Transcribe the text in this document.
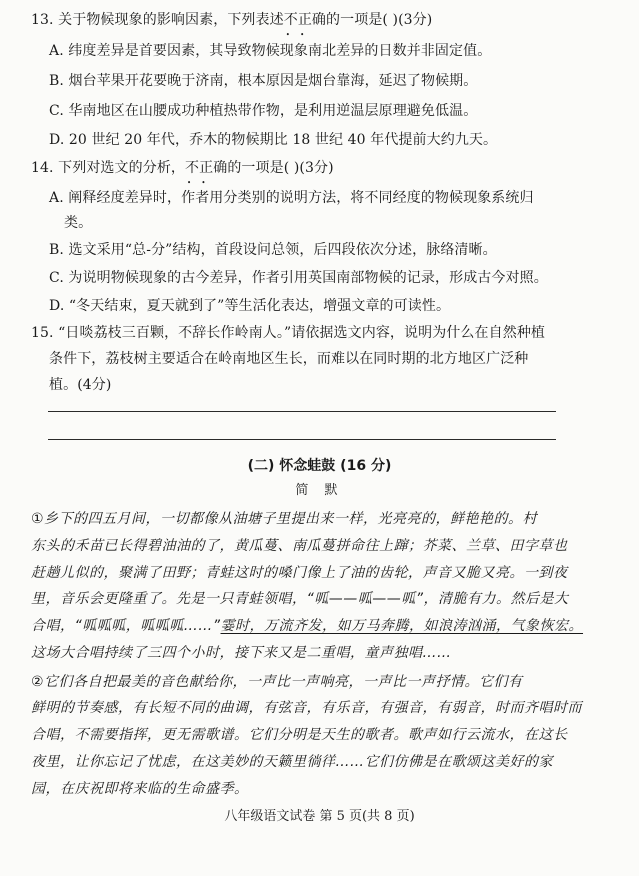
13. 关于物候现象的影响因素，下列表述不正确 • •的一项是( )(3分)
A. 纬度差异是首要因素，其导致物候现象南北差异的日数并非固定值。
B. 烟台苹果开花要晚于济南，根本原因是烟台靠海，延迟了物候期。
C. 华南地区在山腰成功种植热带作物，是利用逆温层原理避免低温。
D. 20 世纪 20 年代，乔木的物候期比 18 世纪 40 年代提前大约九天。
14. 下列对选文的分析，不正确 • •的一项是( )(3分)
A. 阐释经度差异时，作者用分类别的说明方法，将不同经度的物候现象系统归
类。
B. 选文采用“总-分”结构，首段设问总领，后四段依次分述，脉络清晰。
C. 为说明物候现象的古今差异，作者引用英国南部物候的记录，形成古今对照。
D. “冬天结束，夏天就到了”等生活化表达，增强文章的可读性。
15. “日啖荔枝三百颗，不辞长作岭南人。”请依据选文内容，说明为什么在自然种植
条件下，荔枝树主要适合在岭南地区生长，而难以在同时期的北方地区广泛种
植。(4分)
(二) 怀念蛙鼓 (16 分)
简 默
①乡下的四五月间，一切都像从油塘子里提出来一样，光亮亮的，鲜艳艳的。村
东头的禾苗已长得碧油油的了，黄瓜蔓、南瓜蔓拼命往上蹿；芥菜、兰草、田字草也
赶趟儿似的，聚满了田野；青蛙这时的嗓门像上了油的齿轮，声音又脆又亮。一到夜
里，音乐会更隆重了。先是一只青蛙领唱，“呱——呱——呱”，清脆有力。然后是大
合唱，“呱呱呱，呱呱呱……”霎时，万流齐发，如万马奔腾，如浪涛汹涌，气象恢宏。
这场大合唱持续了三四个小时，接下来又是二重唱，童声独唱……
②它们各自把最美的音色献给你，一声比一声响亮，一声比一声抒情。它们有
鲜明的节奏感，有长短不同的曲调，有弦音，有乐音，有强音，有弱音，时而齐唱时而
合唱，不需要指挥，更无需歌谱。它们分明是天生的歌者。歌声如行云流水，在这长
夜里，让你忘记了忧虑，在这美妙的天籁里徜徉……它们仿佛是在歌颂这美好的家
园，在庆祝即将来临的生命盛季。
八年级语文试卷 第 5 页(共 8 页)
